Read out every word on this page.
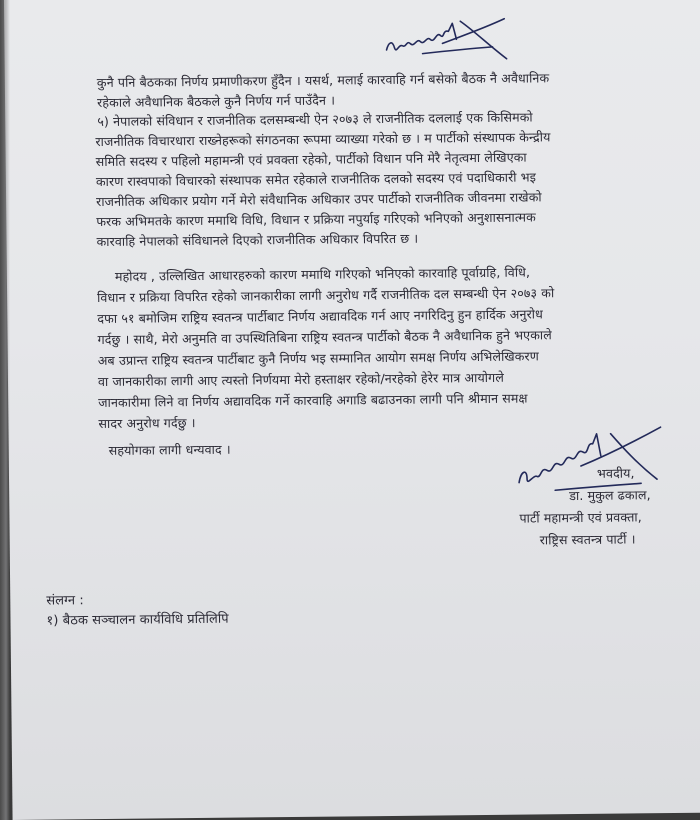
कुनै पनि बैठकका निर्णय प्रमाणीकरण हुँदैन । यसर्थ, मलाई कारवाहि गर्न बसेको बैठक नै अवैधानिक
रहेकाले अवैधानिक बैठकले कुनै निर्णय गर्न पाउँदैन ।
५) नेपालको संविधान र राजनीतिक दलसम्बन्धी ऐन २०७३ ले राजनीतिक दललाई एक किसिमको
राजनीतिक विचारधारा राख्नेहरूको संगठनका रूपमा व्याख्या गरेको छ । म पार्टीको संस्थापक केन्द्रीय
समिति सदस्य र पहिलो महामन्त्री एवं प्रवक्ता रहेको, पार्टीको विधान पनि मेरै नेतृत्वमा लेखिएका
कारण रास्वपाको विचारको संस्थापक समेत रहेकाले राजनीतिक दलको सदस्य एवं पदाधिकारी भइ
राजनीतिक अधिकार प्रयोग गर्ने मेरो संवैधानिक अधिकार उपर पार्टीको राजनीतिक जीवनमा राखेको
फरक अभिमतके कारण ममाथि विधि, विधान र प्रक्रिया नपुर्याइ गरिएको भनिएको अनुशासनात्मक
कारवाहि नेपालको संविधानले दिएको राजनीतिक अधिकार विपरित छ ।
महोदय , उल्लिखित आधारहरुको कारण ममाथि गरिएको भनिएको कारवाहि पूर्वाग्रहि, विधि,
विधान र प्रक्रिया विपरित रहेको जानकारीका लागी अनुरोध गर्दै राजनीतिक दल सम्बन्धी ऐन २०७३ को
दफा ५१ बमोजिम राष्ट्रिय स्वतन्त्र पार्टीबाट निर्णय अद्यावदिक गर्न आए नगरिदिनु हुन हार्दिक अनुरोध
गर्दछु । साथै, मेरो अनुमति वा उपस्थितिबिना राष्ट्रिय स्वतन्त्र पार्टीको बैठक नै अवैधानिक हुने भएकाले
अब उप्रान्त राष्ट्रिय स्वतन्त्र पार्टीबाट कुनै निर्णय भइ सम्मानित आयोग समक्ष निर्णय अभिलेखिकरण
वा जानकारीका लागी आए त्यस्तो निर्णयमा मेरो हस्ताक्षर रहेको/नरहेको हेरेर मात्र आयोगले
जानकारीमा लिने वा निर्णय अद्यावदिक गर्ने कारवाहि अगाडि बढाउनका लागी पनि श्रीमान समक्ष
सादर अनुरोध गर्दछु ।
सहयोगका लागी धन्यवाद ।
भवदीय,
डा. मुकुल ढकाल,
पार्टी महामन्त्री एवं प्रवक्ता,
राष्ट्रिस स्वतन्त्र पार्टी ।
संलग्न :
१) बैठक सञ्चालन कार्यविधि प्रतिलिपि
